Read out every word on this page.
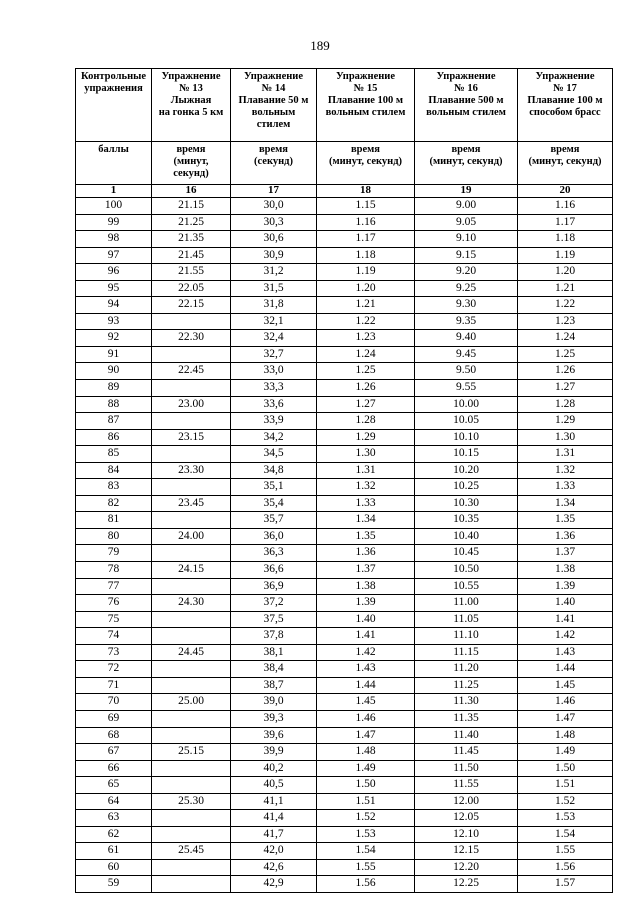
189
Контрольные
упражнения	Упражнение
№ 13
Лыжная
на гонка 5 км	Упражнение
№ 14
Плавание 50 м
вольным
стилем	Упражнение
№ 15
Плавание 100 м
вольным стилем	Упражнение
№ 16
Плавание 500 м
вольным стилем	Упражнение
№ 17
Плавание 100 м
способом брасс
баллы	время
(минут,
секунд)	время
(секунд)	время
(минут, секунд)	время
(минут, секунд)	время
(минут, секунд)
1	16	17	18	19	20
100	21.15	30,0	1.15	9.00	1.16
99	21.25	30,3	1.16	9.05	1.17
98	21.35	30,6	1.17	9.10	1.18
97	21.45	30,9	1.18	9.15	1.19
96	21.55	31,2	1.19	9.20	1.20
95	22.05	31,5	1.20	9.25	1.21
94	22.15	31,8	1.21	9.30	1.22
93		32,1	1.22	9.35	1.23
92	22.30	32,4	1.23	9.40	1.24
91		32,7	1.24	9.45	1.25
90	22.45	33,0	1.25	9.50	1.26
89		33,3	1.26	9.55	1.27
88	23.00	33,6	1.27	10.00	1.28
87		33,9	1.28	10.05	1.29
86	23.15	34,2	1.29	10.10	1.30
85		34,5	1.30	10.15	1.31
84	23.30	34,8	1.31	10.20	1.32
83		35,1	1.32	10.25	1.33
82	23.45	35,4	1.33	10.30	1.34
81		35,7	1.34	10.35	1.35
80	24.00	36,0	1.35	10.40	1.36
79		36,3	1.36	10.45	1.37
78	24.15	36,6	1.37	10.50	1.38
77		36,9	1.38	10.55	1.39
76	24.30	37,2	1.39	11.00	1.40
75		37,5	1.40	11.05	1.41
74		37,8	1.41	11.10	1.42
73	24.45	38,1	1.42	11.15	1.43
72		38,4	1.43	11.20	1.44
71		38,7	1.44	11.25	1.45
70	25.00	39,0	1.45	11.30	1.46
69		39,3	1.46	11.35	1.47
68		39,6	1.47	11.40	1.48
67	25.15	39,9	1.48	11.45	1.49
66		40,2	1.49	11.50	1.50
65		40,5	1.50	11.55	1.51
64	25.30	41,1	1.51	12.00	1.52
63		41,4	1.52	12.05	1.53
62		41,7	1.53	12.10	1.54
61	25.45	42,0	1.54	12.15	1.55
60		42,6	1.55	12.20	1.56
59		42,9	1.56	12.25	1.57
